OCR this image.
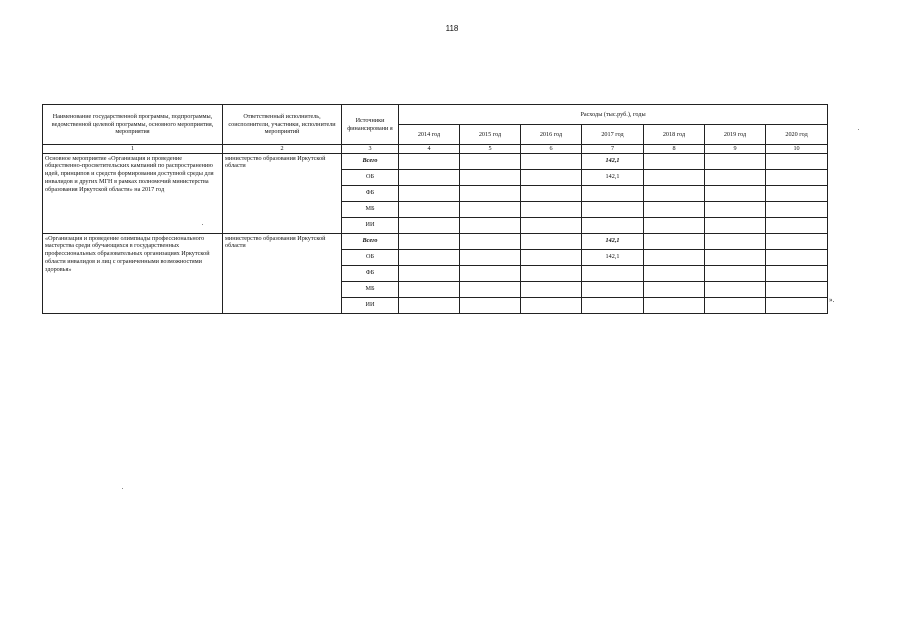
118
Наименование государственной программы, подпрограммы, ведомственной целевой программы, основного мероприятия, мероприятия	Ответственный исполнитель, соисполнители, участники, исполнители мероприятий	Источники финансировани я	Расходы (тыс.руб.), годы						
			2014 год	2015 год	2016 год	2017 год	2018 год	2019 год	2020 год
1	2	3	4	5	6	7	8	9	10
Основное мероприятие «Организация и проведение общественно-просветительских кампаний по распространению идей, принципов и средств формирования доступной среды для инвалидов и других МГН в рамках полномочий министерства образования Иркутской области» на 2017 год	министерство образования Иркутской области	Всего				142,1			
		ОБ				142,1			
		ФБ							
		МБ							
		ИИ							
«Организация и проведение олимпиады профессионального мастерства среди обучающихся в государственных профессиональных образовательных организациях Иркутской области инвалидов и лиц с ограниченными возможностями здоровья»	министерство образования Иркутской области	Всего				142,1			
		ОБ				142,1			
		ФБ							
		МБ							
		ИИ							
».
